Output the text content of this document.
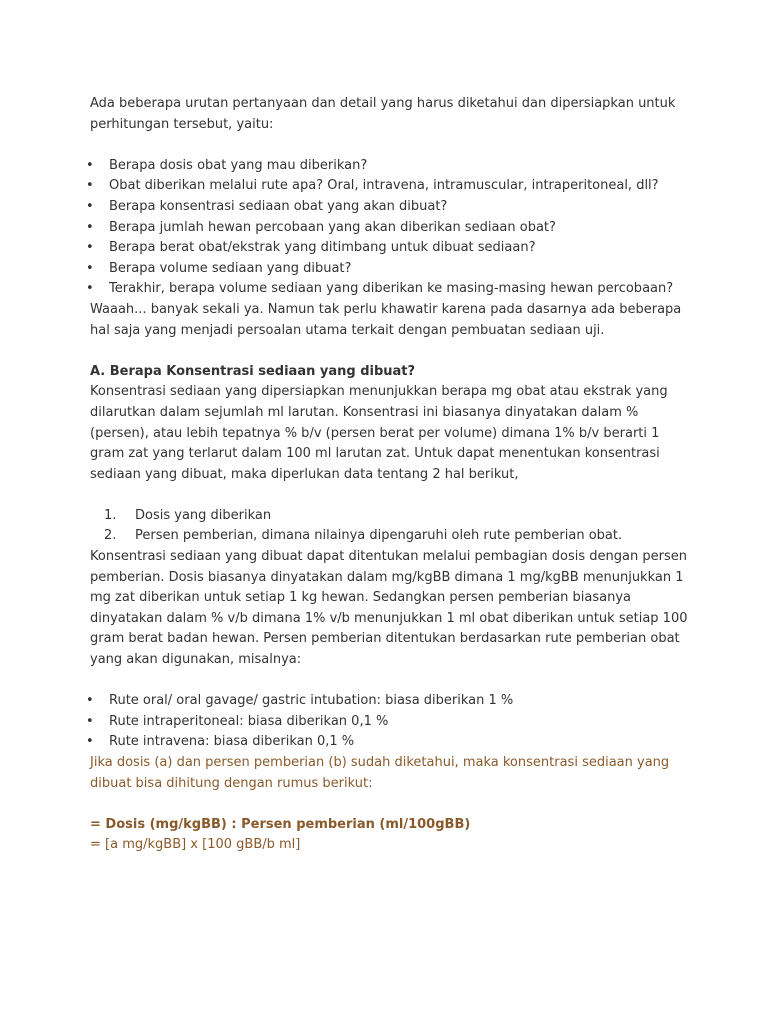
Ada beberapa urutan pertanyaan dan detail yang harus diketahui dan dipersiapkan untuk perhitungan tersebut, yaitu:

• Berapa dosis obat yang mau diberikan?
• Obat diberikan melalui rute apa? Oral, intravena, intramuscular, intraperitoneal, dll?
• Berapa konsentrasi sediaan obat yang akan dibuat?
• Berapa jumlah hewan percobaan yang akan diberikan sediaan obat?
• Berapa berat obat/ekstrak yang ditimbang untuk dibuat sediaan?
• Berapa volume sediaan yang dibuat?
• Terakhir, berapa volume sediaan yang diberikan ke masing-masing hewan percobaan?

Waaah... banyak sekali ya. Namun tak perlu khawatir karena pada dasarnya ada beberapa hal saja yang menjadi persoalan utama terkait dengan pembuatan sediaan uji.

A. Berapa Konsentrasi sediaan yang dibuat?

Konsentrasi sediaan yang dipersiapkan menunjukkan berapa mg obat atau ekstrak yang dilarutkan dalam sejumlah ml larutan. Konsentrasi ini biasanya dinyatakan dalam % (persen), atau lebih tepatnya % b/v (persen berat per volume) dimana 1% b/v berarti 1 gram zat yang terlarut dalam 100 ml larutan zat. Untuk dapat menentukan konsentrasi sediaan yang dibuat, maka diperlukan data tentang 2 hal berikut,

1. Dosis yang diberikan
2. Persen pemberian, dimana nilainya dipengaruhi oleh rute pemberian obat.

Konsentrasi sediaan yang dibuat dapat ditentukan melalui pembagian dosis dengan persen pemberian. Dosis biasanya dinyatakan dalam mg/kgBB dimana 1 mg/kgBB menunjukkan 1 mg zat diberikan untuk setiap 1 kg hewan. Sedangkan persen pemberian biasanya dinyatakan dalam % v/b dimana 1% v/b menunjukkan 1 ml obat diberikan untuk setiap 100 gram berat badan hewan. Persen pemberian ditentukan berdasarkan rute pemberian obat yang akan digunakan, misalnya:

• Rute oral/ oral gavage/ gastric intubation: biasa diberikan 1 %
• Rute intraperitoneal: biasa diberikan 0,1 %
• Rute intravena: biasa diberikan 0,1 %

Jika dosis (a) dan persen pemberian (b) sudah diketahui, maka konsentrasi sediaan yang dibuat bisa dihitung dengan rumus berikut:

= Dosis (mg/kgBB) : Persen pemberian (ml/100gBB)

= [a mg/kgBB] x [100 gBB/b ml]
